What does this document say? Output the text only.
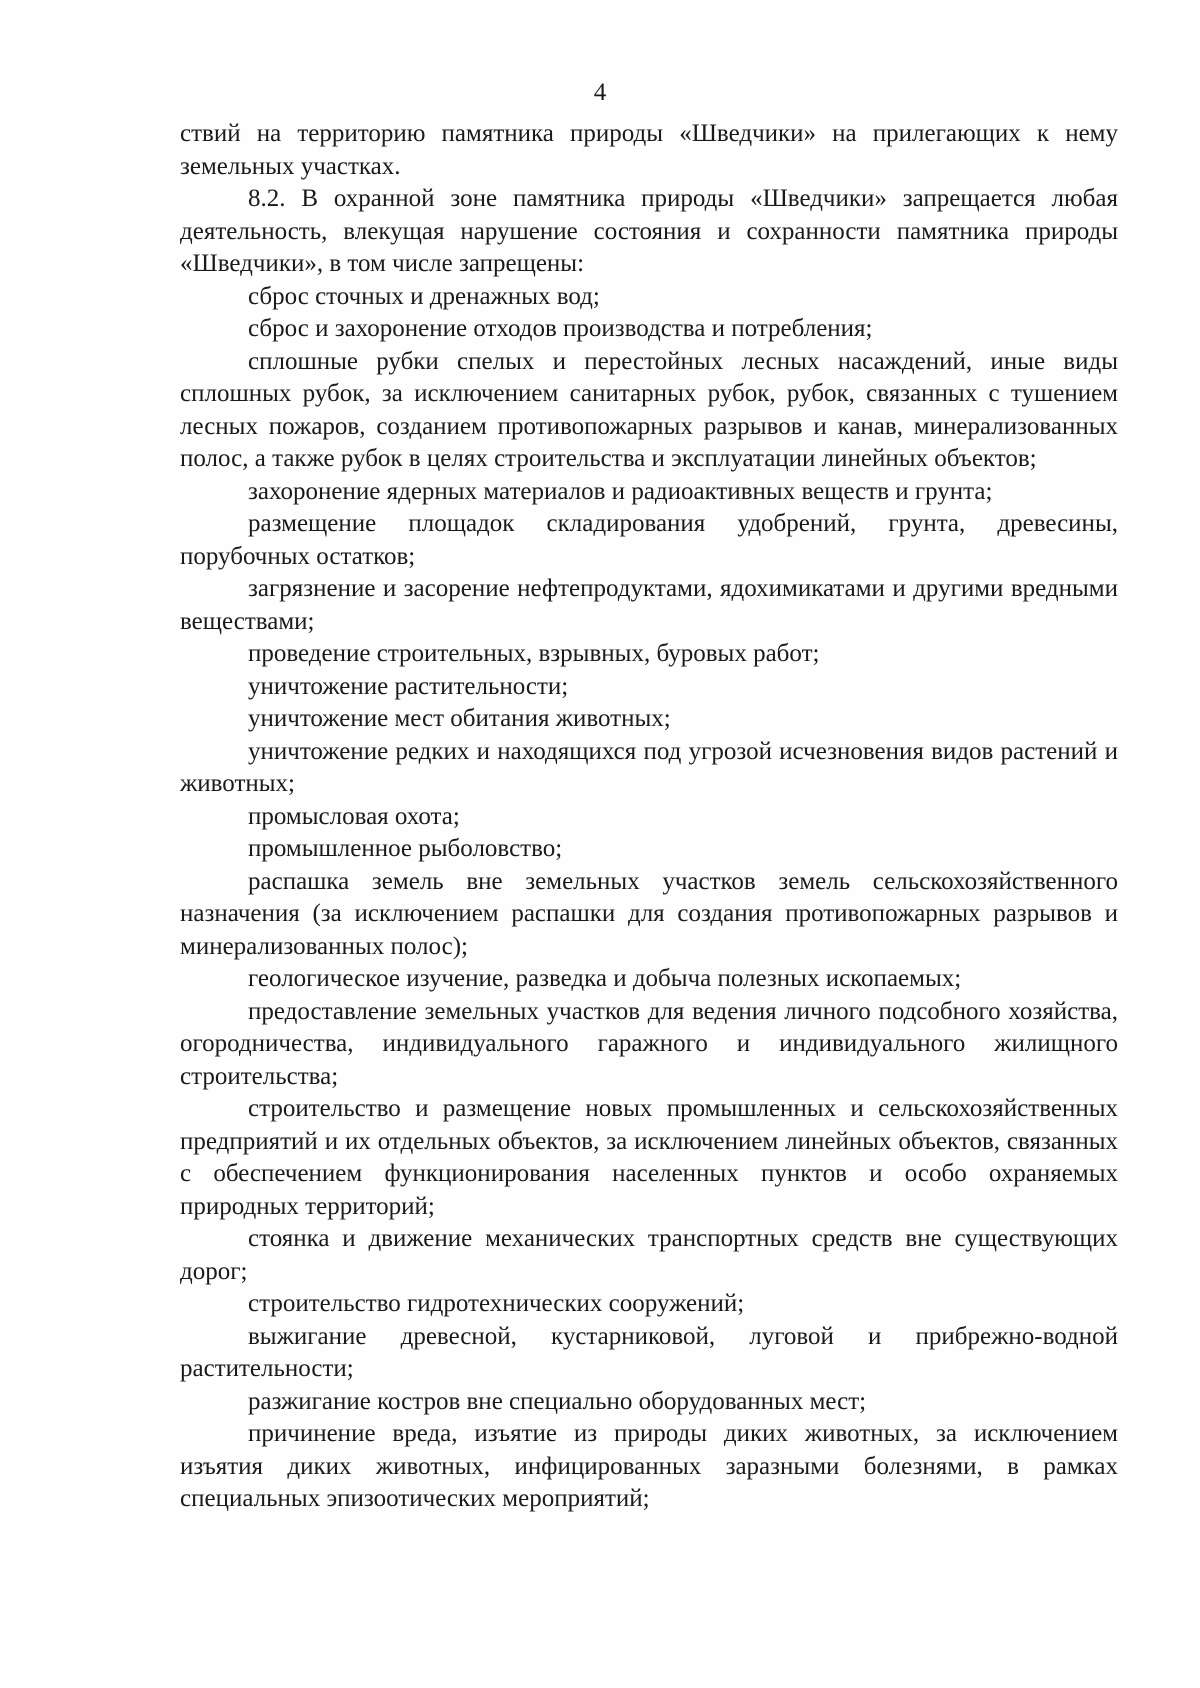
4

ствий на территорию памятника природы «Шведчики» на прилегающих к нему земельных участках.

8.2. В охранной зоне памятника природы «Шведчики» запрещается любая деятельность, влекущая нарушение состояния и сохранности памятника природы «Шведчики», в том числе запрещены:

сброс сточных и дренажных вод;

сброс и захоронение отходов производства и потребления;

сплошные рубки спелых и перестойных лесных насаждений, иные виды сплошных рубок, за исключением санитарных рубок, рубок, связанных с тушением лесных пожаров, созданием противопожарных разрывов и канав, минерализованных полос, а также рубок в целях строительства и эксплуатации линейных объектов;

захоронение ядерных материалов и радиоактивных веществ и грунта;

размещение площадок складирования удобрений, грунта, древесины, порубочных остатков;

загрязнение и засорение нефтепродуктами, ядохимикатами и другими вредными веществами;

проведение строительных, взрывных, буровых работ;

уничтожение растительности;

уничтожение мест обитания животных;

уничтожение редких и находящихся под угрозой исчезновения видов растений и животных;

промысловая охота;

промышленное рыболовство;

распашка земель вне земельных участков земель сельскохозяйственного назначения (за исключением распашки для создания противопожарных разрывов и минерализованных полос);

геологическое изучение, разведка и добыча полезных ископаемых;

предоставление земельных участков для ведения личного подсобного хозяйства, огородничества, индивидуального гаражного и индивидуального жилищного строительства;

строительство и размещение новых промышленных и сельскохозяйственных предприятий и их отдельных объектов, за исключением линейных объектов, связанных с обеспечением функционирования населенных пунктов и особо охраняемых природных территорий;

стоянка и движение механических транспортных средств вне существующих дорог;

строительство гидротехнических сооружений;

выжигание древесной, кустарниковой, луговой и прибрежно-водной растительности;

разжигание костров вне специально оборудованных мест;

причинение вреда, изъятие из природы диких животных, за исключением изъятия диких животных, инфицированных заразными болезнями, в рамках специальных эпизоотических мероприятий;
